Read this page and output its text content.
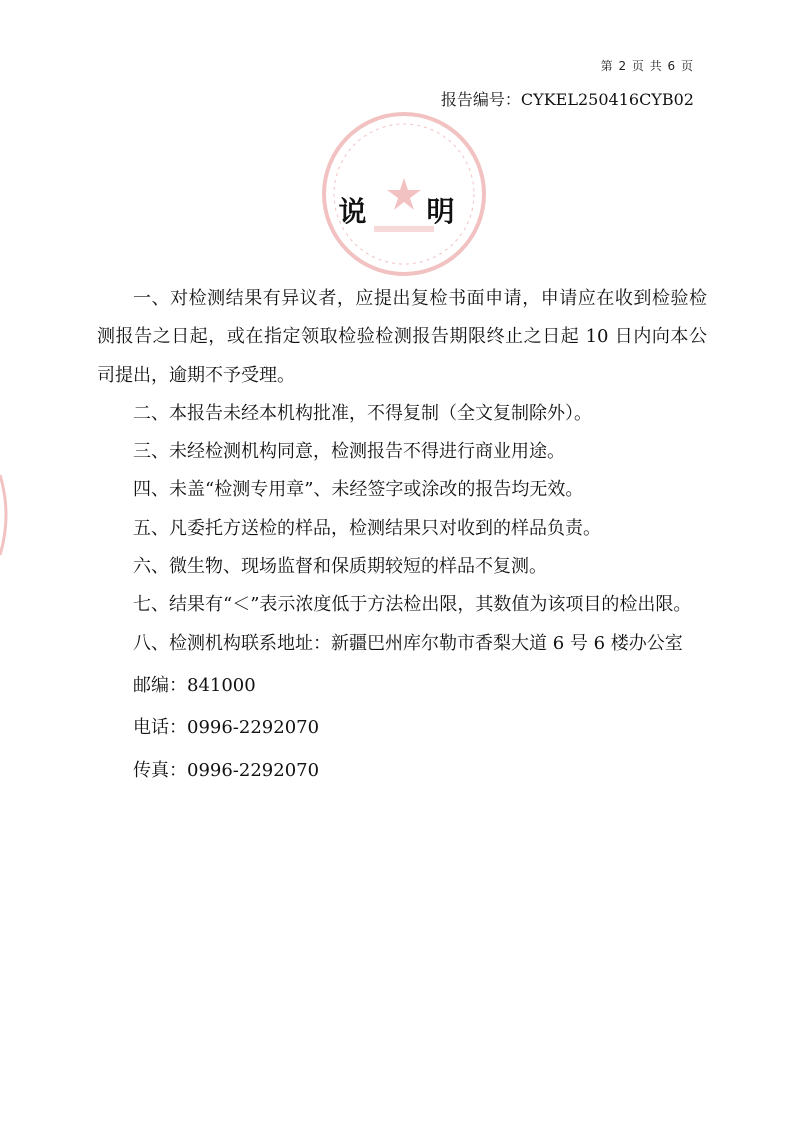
第 2 页 共 6 页
报告编号：CYKEL250416CYB02
说明

一、对检测结果有异议者，应提出复检书面申请，申请应在收到检验检测报告之日起，或在指定领取检验检测报告期限终止之日起 10 日内向本公司提出，逾期不予受理。

二、本报告未经本机构批准，不得复制（全文复制除外）。

三、未经检测机构同意，检测报告不得进行商业用途。

四、未盖“检测专用章”、未经签字或涂改的报告均无效。

五、凡委托方送检的样品，检测结果只对收到的样品负责。

六、微生物、现场监督和保质期较短的样品不复测。

七、结果有“＜”表示浓度低于方法检出限，其数值为该项目的检出限。

八、检测机构联系地址：新疆巴州库尔勒市香梨大道 6 号 6 楼办公室

邮编：841000

电话：0996-2292070

传真：0996-2292070
